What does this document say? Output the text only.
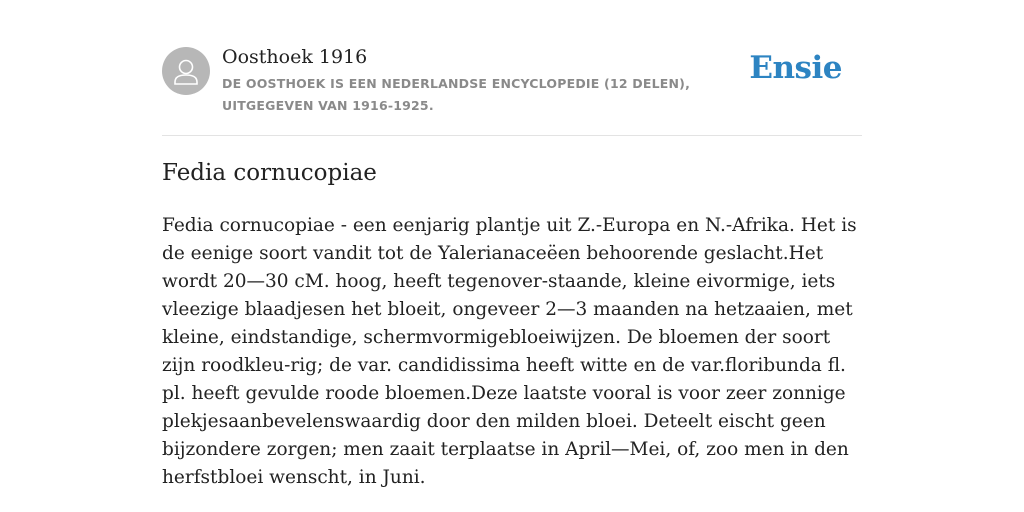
Oosthoek 1916
DE OOSTHOEK IS EEN NEDERLANDSE ENCYCLOPEDIE (12 DELEN), UITGEGEVEN VAN 1916-1925.
Ensie
Fedia cornucopiae

Fedia cornucopiae - een eenjarig plantje uit Z.-Europa en N.-Afrika. Het is de eenige soort vandit tot de Yalerianaceëen behoorende geslacht.Het wordt 20—30 cM. hoog, heeft tegenover-staande, kleine eivormige, iets vleezige blaadjesen het bloeit, ongeveer 2—3 maanden na hetzaaien, met kleine, eindstandige, schermvormigebloeiwijzen. De bloemen der soort zijn roodkleu-rig; de var. candidissima heeft witte en de var.floribunda fl. pl. heeft gevulde roode bloemen.Deze laatste vooral is voor zeer zonnige plekjesaanbevelenswaardig door den milden bloei. Deteelt eischt geen bijzondere zorgen; men zaait terplaatse in April—Mei, of, zoo men in den herfstbloei wenscht, in Juni.
